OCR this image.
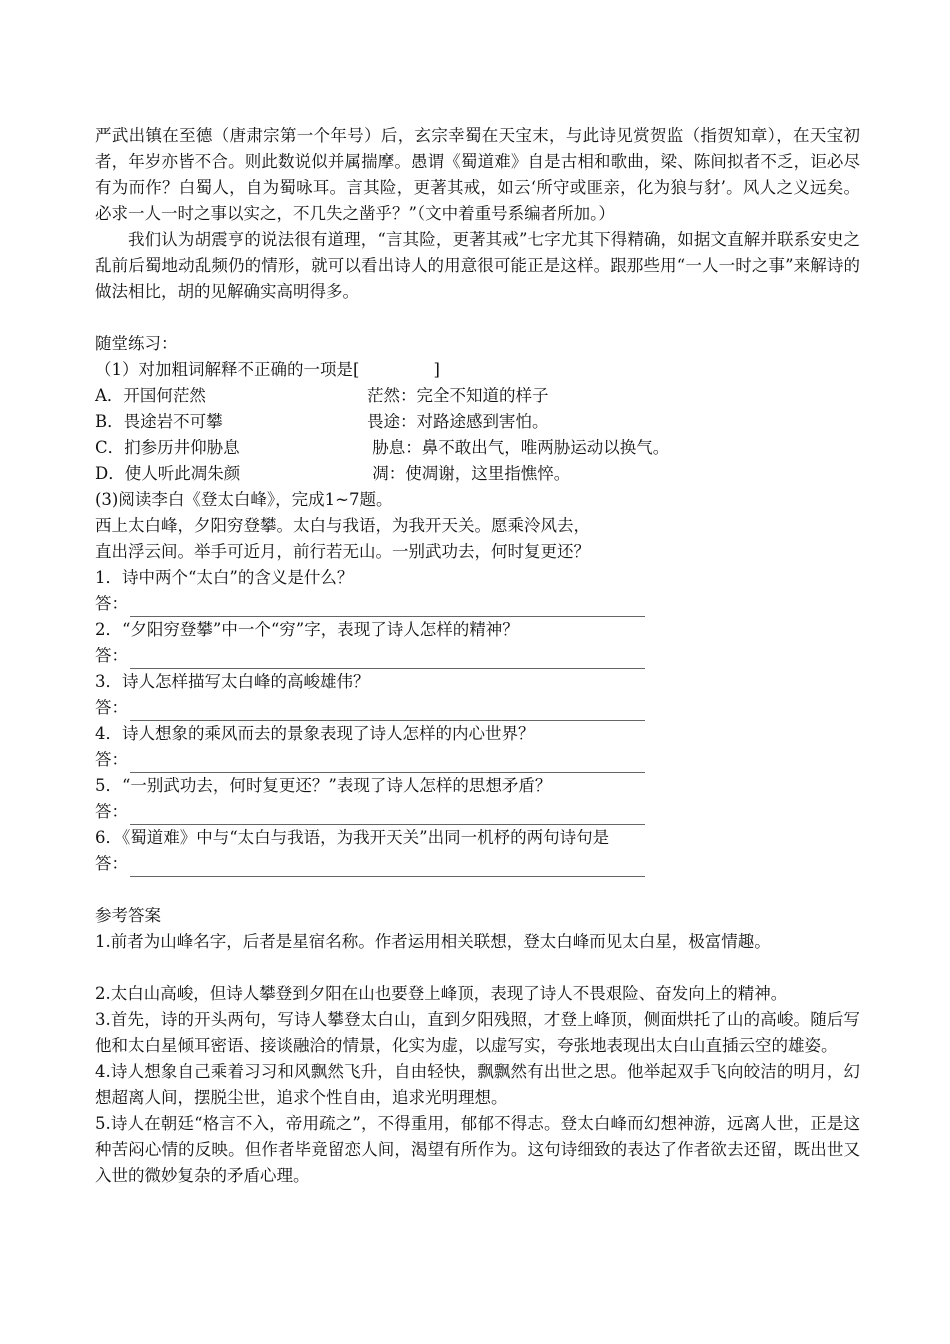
严武出镇在至德（唐肃宗第一个年号）后，玄宗幸蜀在天宝末，与此诗见赏贺监（指贺知章），在天宝初者，年岁亦皆不合。则此数说似并属揣摩。愚谓《蜀道难》自是古相和歌曲，梁、陈间拟者不乏，讵必尽有为而作？白蜀人，自为蜀咏耳。言其险，更著其戒，如云‘所守或匪亲，化为狼与豺’。风人之义远矣。必求一人一时之事以实之，不几失之凿乎？”（文中着重号系编者所加。）

我们认为胡震亨的说法很有道理，“言其险，更著其戒”七字尤其下得精确，如据文直解并联系安史之乱前后蜀地动乱频仍的情形，就可以看出诗人的用意很可能正是这样。跟那些用“一人一时之事”来解诗的做法相比，胡的见解确实高明得多。

随堂练习：

（1）对加粗词解释不正确的一项是[	]

A．开国何茫然	茫然：完全不知道的样子
B．畏途岩不可攀	畏途：对路途感到害怕。
C．扪参历井仰胁息	胁息：鼻不敢出气，唯两胁运动以换气。
D．使人听此凋朱颜	凋：使凋谢，这里指憔悴。

(3)阅读李白《登太白峰》，完成1~7题。

西上太白峰，夕阳穷登攀。太白与我语，为我开天关。愿乘泠风去，

直出浮云间。举手可近月，前行若无山。一别武功去，何时复更还？

1．诗中两个“太白”的含义是什么？

答：

2．“夕阳穷登攀”中一个“穷”字，表现了诗人怎样的精神？

答：

3．诗人怎样描写太白峰的高峻雄伟？

答：

4．诗人想象的乘风而去的景象表现了诗人怎样的内心世界？

答：

5．“一别武功去，何时复更还？”表现了诗人怎样的思想矛盾？

答：

6．《蜀道难》中与“太白与我语，为我开天关”出同一机杼的两句诗句是

答：

参考答案

1.前者为山峰名字，后者是星宿名称。作者运用相关联想，登太白峰而见太白星，极富情趣。

2.太白山高峻，但诗人攀登到夕阳在山也要登上峰顶，表现了诗人不畏艰险、奋发向上的精神。

3.首先，诗的开头两句，写诗人攀登太白山，直到夕阳残照，才登上峰顶，侧面烘托了山的高峻。随后写他和太白星倾耳密语、接谈融洽的情景，化实为虚，以虚写实，夸张地表现出太白山直插云空的雄姿。

4.诗人想象自己乘着习习和风飘然飞升，自由轻快，飘飘然有出世之思。他举起双手飞向皎洁的明月，幻想超离人间，摆脱尘世，追求个性自由，追求光明理想。

5.诗人在朝廷“格言不入，帝用疏之”，不得重用，郁郁不得志。登太白峰而幻想神游，远离人世，正是这种苦闷心情的反映。但作者毕竟留恋人间，渴望有所作为。这句诗细致的表达了作者欲去还留，既出世又入世的微妙复杂的矛盾心理。
